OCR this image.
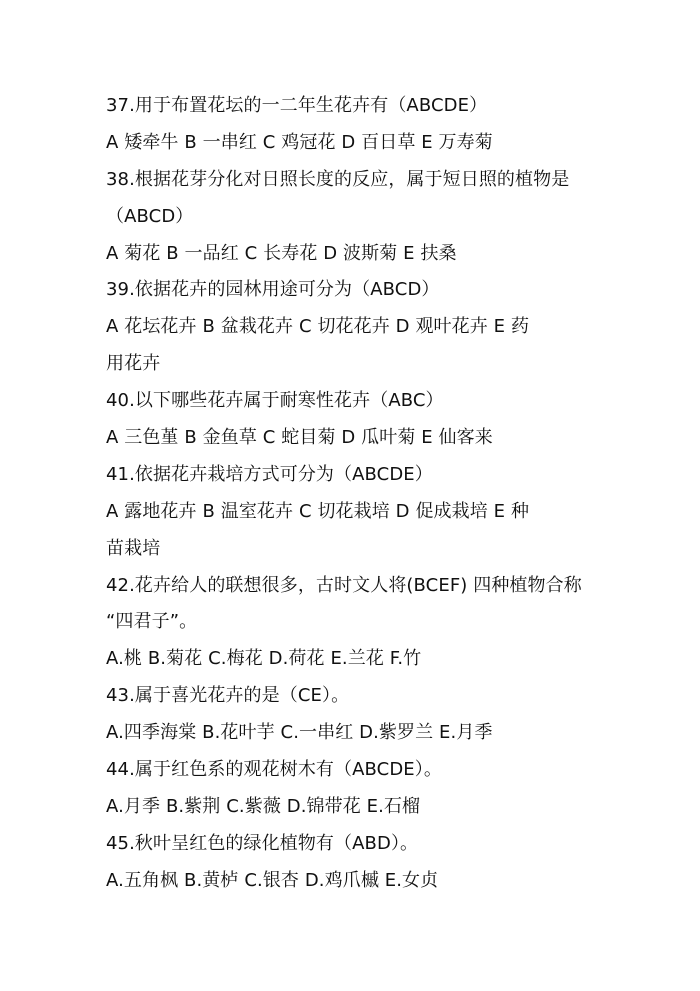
37.用于布置花坛的一二年生花卉有（ABCDE）
A 矮牵牛 B 一串红 C 鸡冠花 D 百日草 E 万寿菊
38.根据花芽分化对日照长度的反应，属于短日照的植物是
（ABCD）
A 菊花 B 一品红 C 长寿花 D 波斯菊 E 扶桑
39.依据花卉的园林用途可分为（ABCD）
A 花坛花卉 B 盆栽花卉 C 切花花卉 D 观叶花卉 E 药
用花卉
40.以下哪些花卉属于耐寒性花卉（ABC）
A 三色堇 B 金鱼草 C 蛇目菊 D 瓜叶菊 E 仙客来
41.依据花卉栽培方式可分为（ABCDE）
A 露地花卉 B 温室花卉 C 切花栽培 D 促成栽培 E 种
苗栽培
42.花卉给人的联想很多，古时文人将(BCEF) 四种植物合称
“四君子”。
A.桃 B.菊花 C.梅花 D.荷花 E.兰花 F.竹
43.属于喜光花卉的是（CE）。
A.四季海棠 B.花叶芋 C.一串红 D.紫罗兰 E.月季
44.属于红色系的观花树木有（ABCDE）。
A.月季 B.紫荆 C.紫薇 D.锦带花 E.石榴
45.秋叶呈红色的绿化植物有（ABD）。
A.五角枫 B.黄栌 C.银杏 D.鸡爪槭 E.女贞
